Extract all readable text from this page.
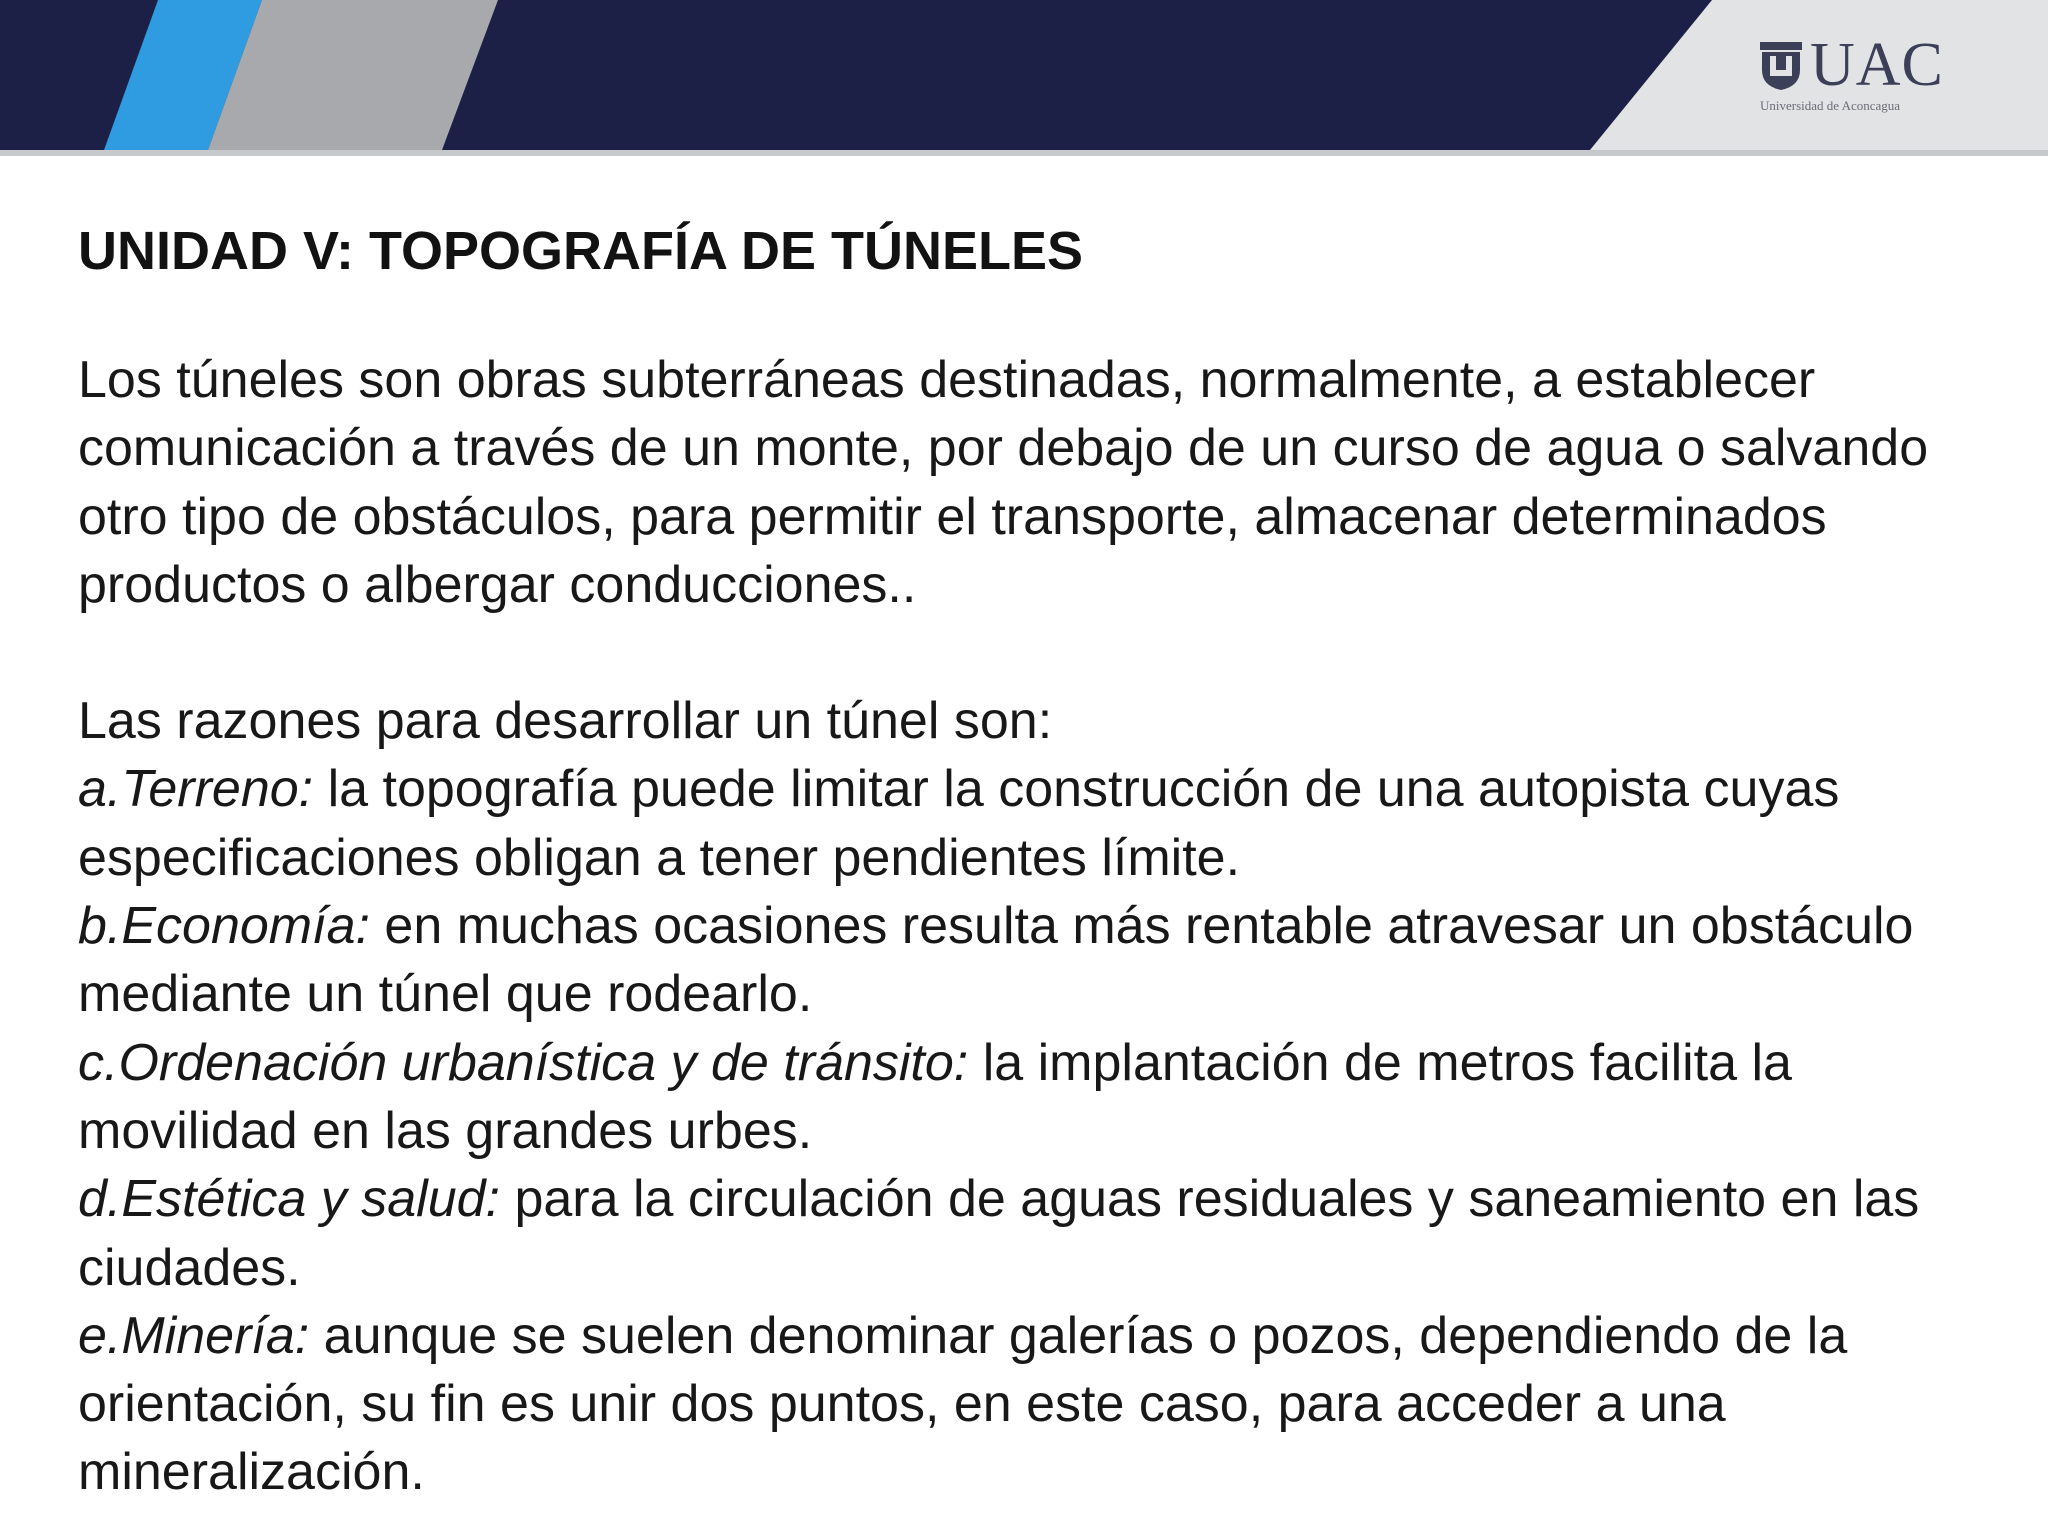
UAC
Universidad de Aconcagua
UNIDAD V: TOPOGRAFÍA DE TÚNELES

Los túneles son obras subterráneas destinadas, normalmente, a establecer comunicación a través de un monte, por debajo de un curso de agua o salvando otro tipo de obstáculos, para permitir el transporte, almacenar determinados productos o albergar conducciones..

Las razones para desarrollar un túnel son:
a.Terreno: la topografía puede limitar la construcción de una autopista cuyas especificaciones obligan a tener pendientes límite.
b.Economía: en muchas ocasiones resulta más rentable atravesar un obstáculo mediante un túnel que rodearlo.
c.Ordenación urbanística y de tránsito: la implantación de metros facilita la movilidad en las grandes urbes.
d.Estética y salud: para la circulación de aguas residuales y saneamiento en las ciudades.
e.Minería: aunque se suelen denominar galerías o pozos, dependiendo de la orientación, su fin es unir dos puntos, en este caso, para acceder a una mineralización.
